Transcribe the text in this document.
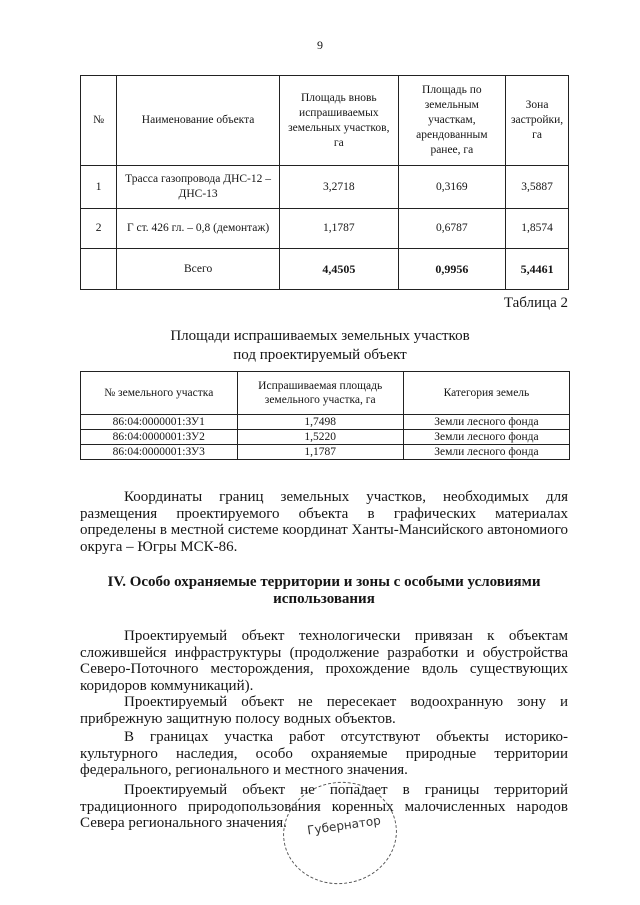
9
№	Наименование объекта	Площадь вновь испрашиваемых земельных участков, га	Площадь по земельным участкам, арендованным ранее, га	Зона застройки, га
1	Трасса газопровода ДНС-12 – ДНС-13	3,2718	0,3169	3,5887
2	Г ст. 426 гл. – 0,8 (демонтаж)	1,1787	0,6787	1,8574
	Всего	4,4505	0,9956	5,4461
Таблица 2
Площади испрашиваемых земельных участков
под проектируемый объект
№ земельного участка	Испрашиваемая площадь земельного участка, га	Категория земель
86:04:0000001:ЗУ1	1,7498	Земли лесного фонда
86:04:0000001:ЗУ2	1,5220	Земли лесного фонда
86:04:0000001:ЗУ3	1,1787	Земли лесного фонда

Координаты границ земельных участков, необходимых для размещения проектируемого объекта в графических материалах определены в местной системе координат Ханты-Мансийского автономиого округа – Югры МСК-86.

IV. Особо охраняемые территории и зоны с особыми условиями использования

Проектируемый объект технологически привязан к объектам сложившейся инфраструктуры (продолжение разработки и обустройства Северо-Поточного месторождения, прохождение вдоль существующих коридоров коммуникаций).

Проектируемый объект не пересекает водоохранную зону и прибрежную защитную полосу водных объектов.

В границах участка работ отсутствуют объекты историко-культурного наследия, особо охраняемые природные территории федерального, регионального и местного значения.

Проектируемый объект не попадает в границы территорий традиционного природопользования коренных малочисленных народов Севера регионального значения.	Губернатор
